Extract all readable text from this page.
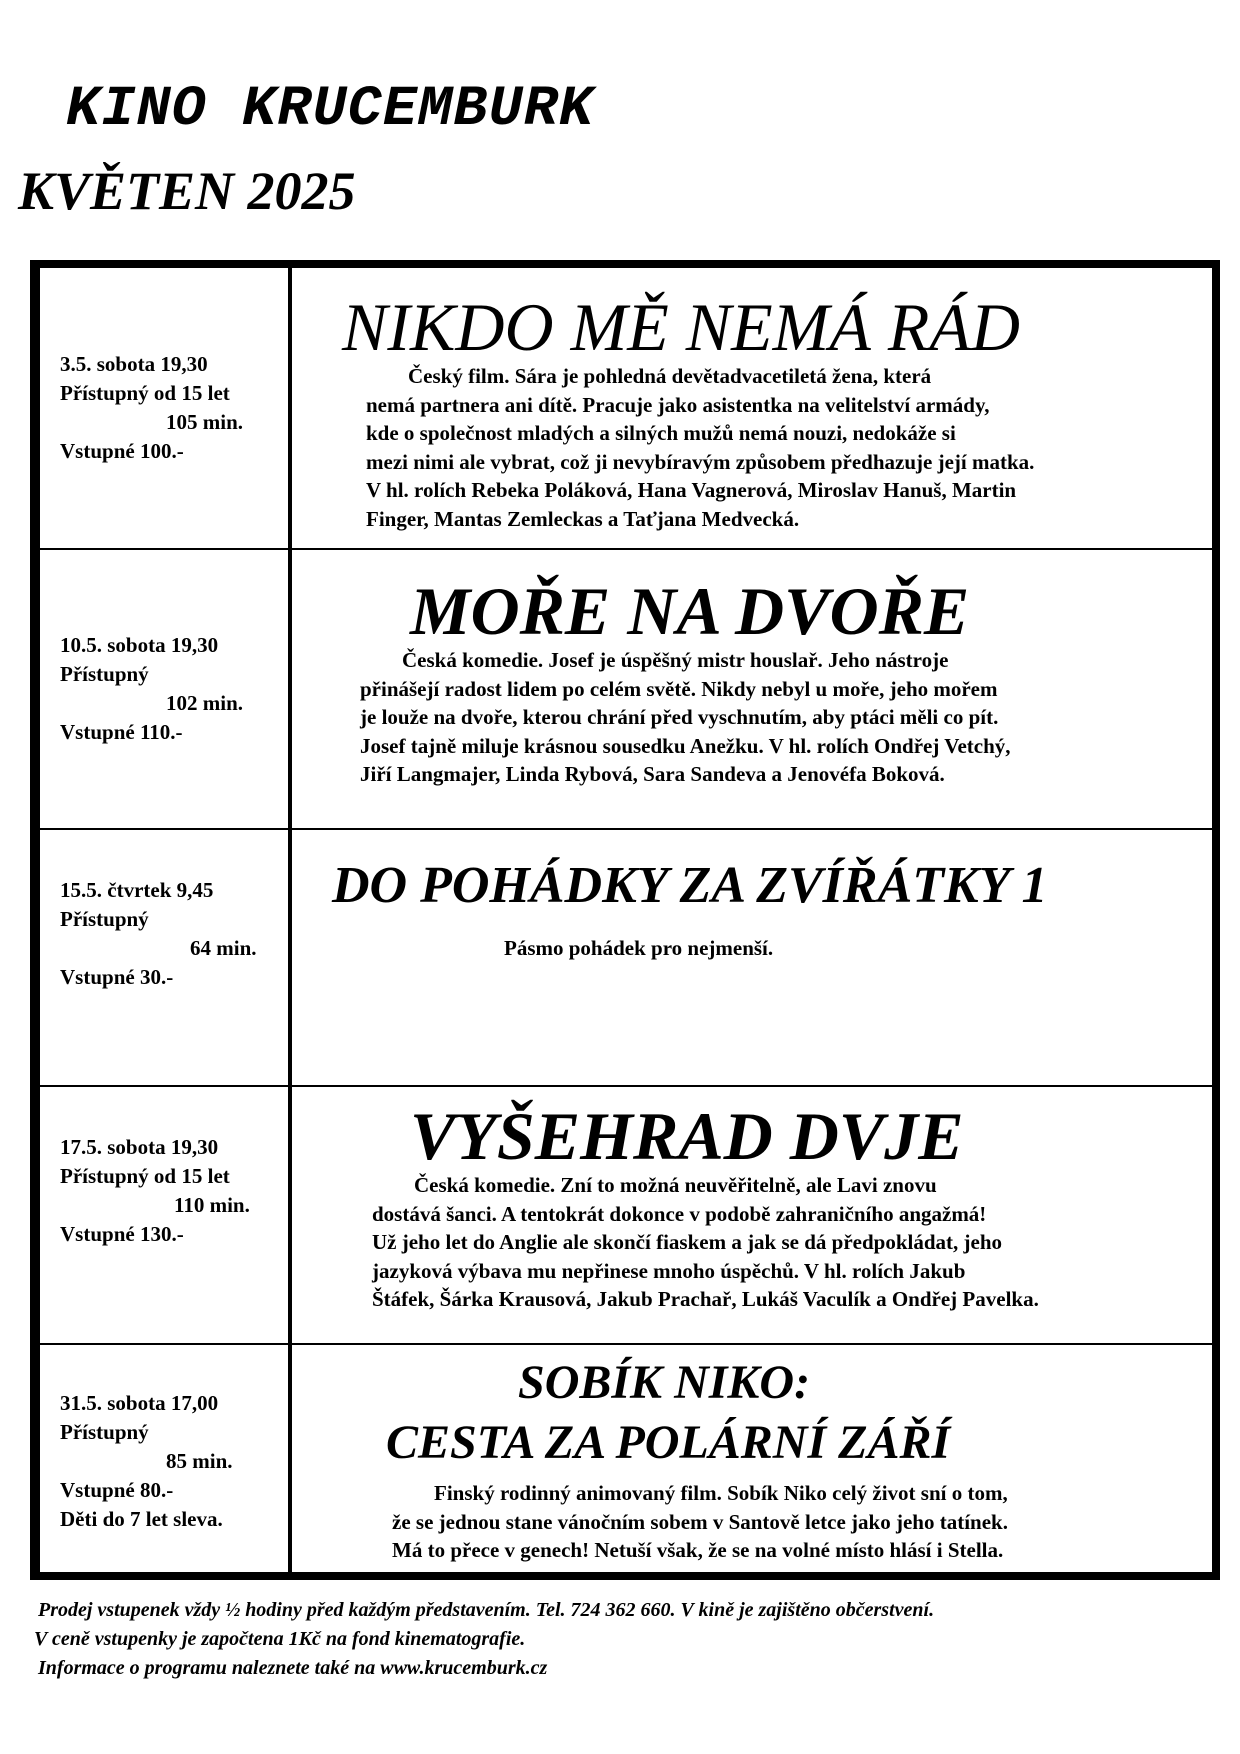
KINO KRUCEMBURK
KVĚTEN 2025
3.5. sobota 19,30
Přístupný od 15 let
105 min.
Vstupné 100.-
NIKDO MĚ NEMÁ RÁD
Český film. Sára je pohledná devětadvacetiletá žena, která
nemá partnera ani dítě. Pracuje jako asistentka na velitelství armády,
kde o společnost mladých a silných mužů nemá nouzi, nedokáže si
mezi nimi ale vybrat, což ji nevybíravým způsobem předhazuje její matka.
V hl. rolích Rebeka Poláková, Hana Vagnerová, Miroslav Hanuš, Martin
Finger, Mantas Zemleckas a Taťjana Medvecká.
10.5. sobota 19,30
Přístupný
102 min.
Vstupné 110.-
MOŘE NA DVOŘE
Česká komedie. Josef je úspěšný mistr houslař. Jeho nástroje
přinášejí radost lidem po celém světě. Nikdy nebyl u moře, jeho mořem
je louže na dvoře, kterou chrání před vyschnutím, aby ptáci měli co pít.
Josef tajně miluje krásnou sousedku Anežku. V hl. rolích Ondřej Vetchý,
Jiří Langmajer, Linda Rybová, Sara Sandeva a Jenovéfa Boková.
15.5. čtvrtek 9,45
Přístupný
64 min.
Vstupné 30.-
DO POHÁDKY ZA ZVÍŘÁTKY 1
Pásmo pohádek pro nejmenší.
17.5. sobota 19,30
Přístupný od 15 let
110 min.
Vstupné 130.-
VYŠEHRAD DVJE
Česká komedie. Zní to možná neuvěřitelně, ale Lavi znovu
dostává šanci. A tentokrát dokonce v podobě zahraničního angažmá!
Už jeho let do Anglie ale skončí fiaskem a jak se dá předpokládat, jeho
jazyková výbava mu nepřinese mnoho úspěchů. V hl. rolích Jakub
Štáfek, Šárka Krausová, Jakub Prachař, Lukáš Vaculík a Ondřej Pavelka.
31.5. sobota 17,00
Přístupný
85 min.
Vstupné 80.-
Děti do 7 let sleva.
SOBÍK NIKO:
CESTA ZA POLÁRNÍ ZÁŘÍ
Finský rodinný animovaný film. Sobík Niko celý život sní o tom,
že se jednou stane vánočním sobem v Santově letce jako jeho tatínek.
Má to přece v genech! Netuší však, že se na volné místo hlásí i Stella.
Prodej vstupenek vždy ½ hodiny před každým představením. Tel. 724 362 660. V kině je zajištěno občerstvení.
V ceně vstupenky je započtena 1Kč na fond kinematografie.
Informace o programu naleznete také na www.krucemburk.cz
